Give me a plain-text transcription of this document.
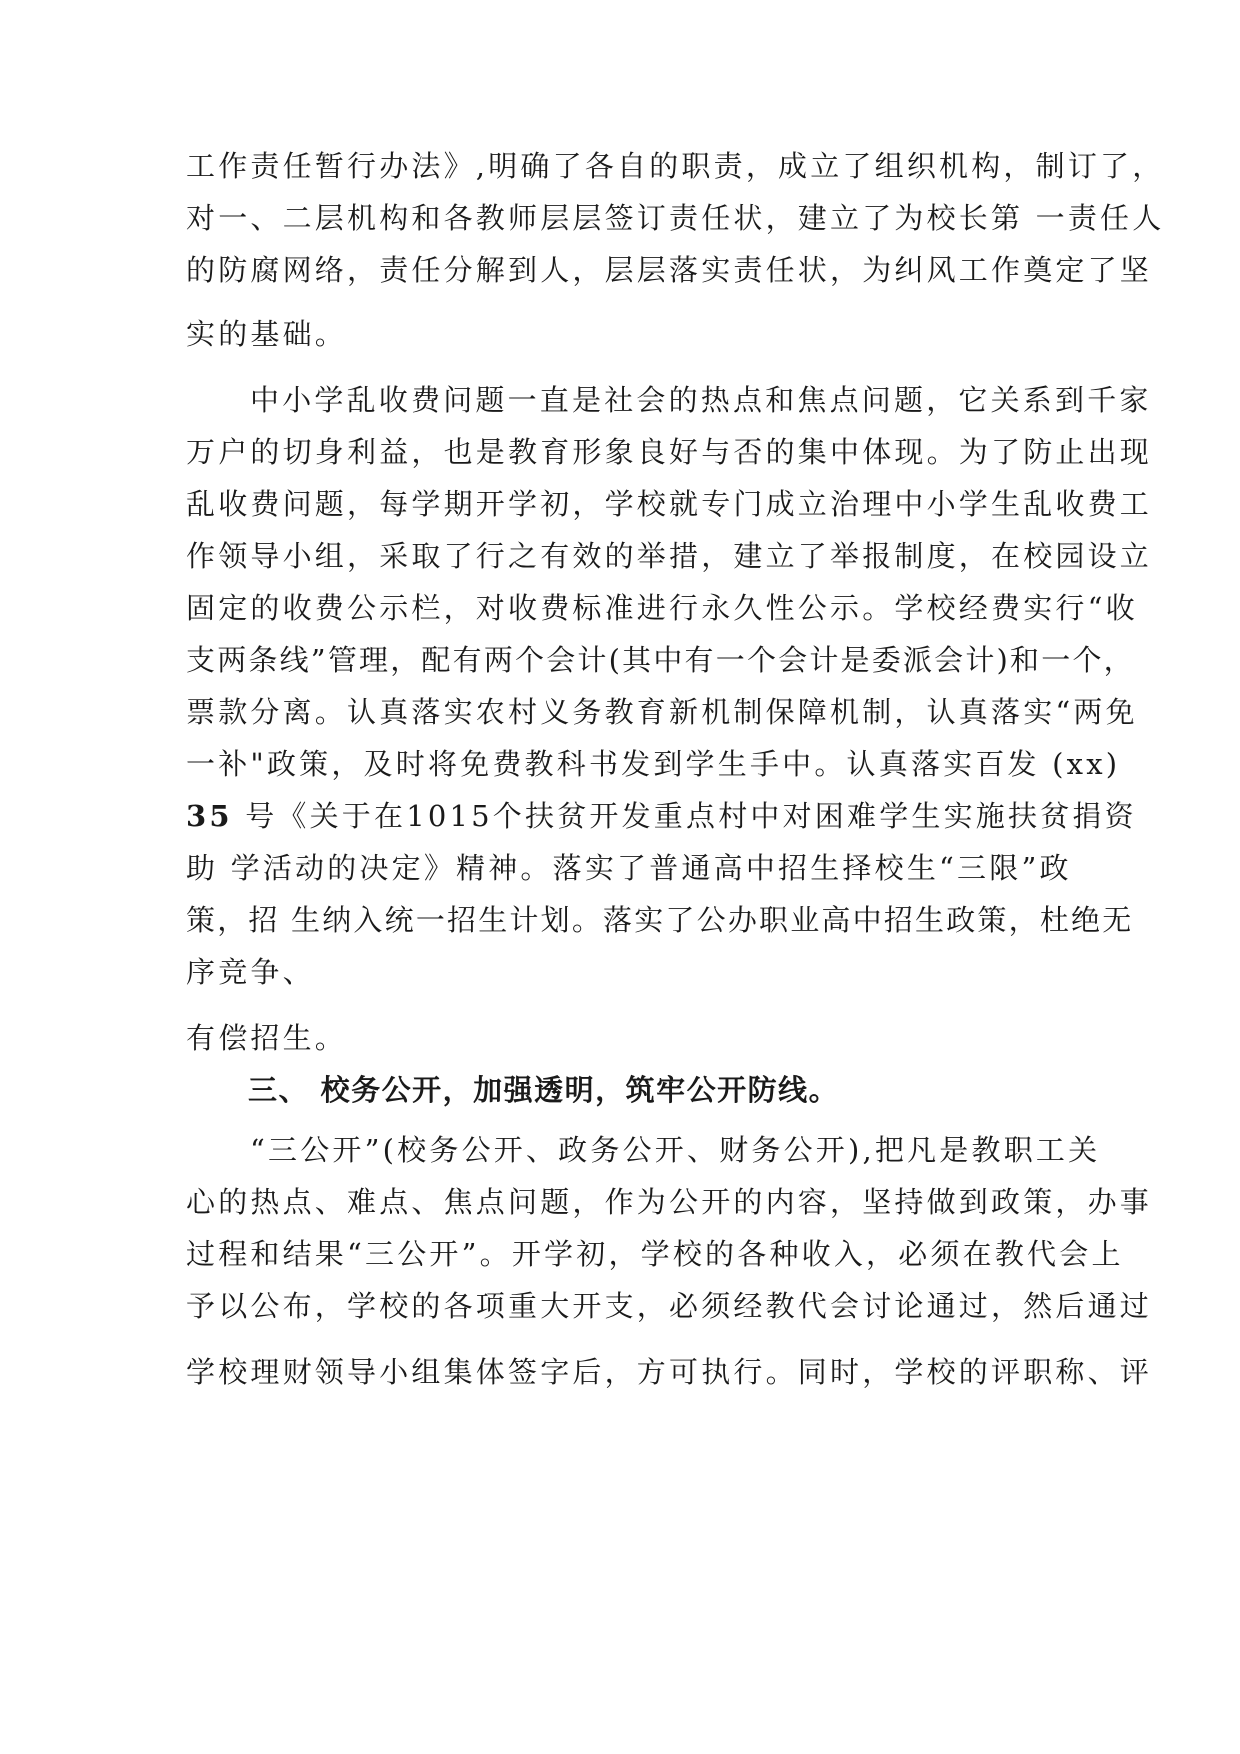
工作责任暂行办法》,明确了各自的职责，成立了组织机构，制订了，
对一、二层机构和各教师层层签订责任状，建立了为校长第 一责任人
的防腐网络，责任分解到人，层层落实责任状，为纠风工作奠定了坚
实的基础。
中小学乱收费问题一直是社会的热点和焦点问题，它关系到千家
万户的切身利益，也是教育形象良好与否的集中体现。为了防止出现
乱收费问题，每学期开学初，学校就专门成立治理中小学生乱收费工
作领导小组，采取了行之有效的举措，建立了举报制度，在校园设立
固定的收费公示栏，对收费标准进行永久性公示。学校经费实行“收
支两条线”管理，配有两个会计(其中有一个会计是委派会计)和一个，
票款分离。认真落实农村义务教育新机制保障机制，认真落实“两免
一补"政策，及时将免费教科书发到学生手中。认真落实百发 (xx)
35 号《关于在1015个扶贫开发重点村中对困难学生实施扶贫捐资
助 学活动的决定》精神。落实了普通高中招生择校生“三限”政
策，招 生纳入统一招生计划。落实了公办职业高中招生政策，杜绝无
序竞争、
有偿招生。
三、 校务公开，加强透明，筑牢公开防线。
“三公开”(校务公开、政务公开、财务公开),把凡是教职工关
心的热点、难点、焦点问题，作为公开的内容，坚持做到政策，办事
过程和结果“三公开”。开学初，学校的各种收入，必须在教代会上
予以公布，学校的各项重大开支，必须经教代会讨论通过，然后通过
学校理财领导小组集体签字后，方可执行。同时，学校的评职称、评
